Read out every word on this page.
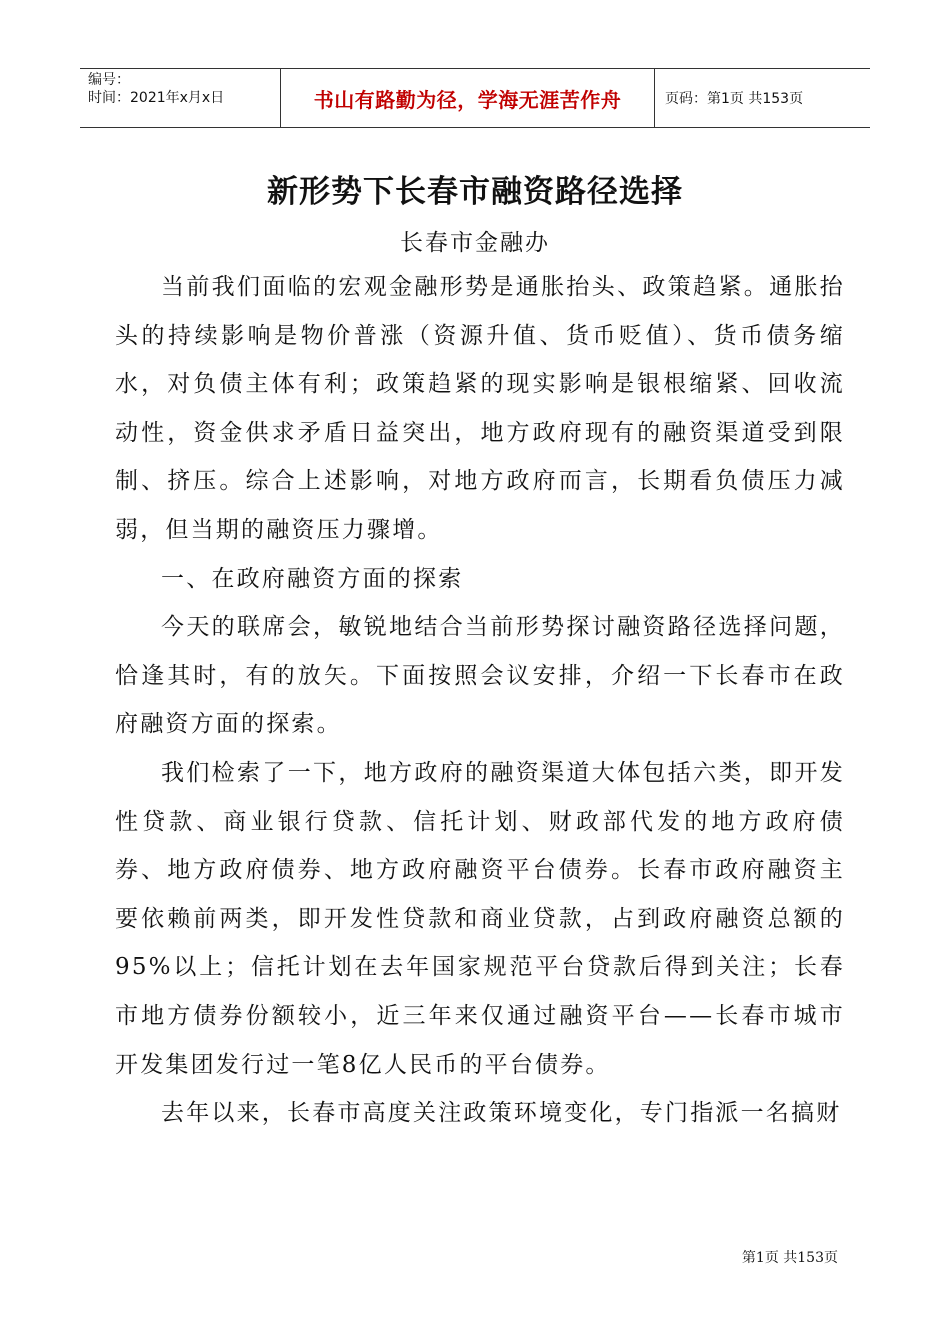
编号：
时间：2021年x月x日	书山有路勤为径，学海无涯苦作舟	页码：第1页 共153页
新形势下长春市融资路径选择
长春市金融办

当前我们面临的宏观金融形势是通胀抬头、政策趋紧。通胀抬头的持续影响是物价普涨（资源升值、货币贬值）、货币债务缩水，对负债主体有利；政策趋紧的现实影响是银根缩紧、回收流动性，资金供求矛盾日益突出，地方政府现有的融资渠道受到限制、挤压。综合上述影响，对地方政府而言，长期看负债压力减弱，但当期的融资压力骤增。

一、在政府融资方面的探索

今天的联席会，敏锐地结合当前形势探讨融资路径选择问题，恰逢其时，有的放矢。下面按照会议安排，介绍一下长春市在政府融资方面的探索。

我们检索了一下，地方政府的融资渠道大体包括六类，即开发性贷款、商业银行贷款、信托计划、财政部代发的地方政府债券、地方政府债券、地方政府融资平台债券。长春市政府融资主要依赖前两类，即开发性贷款和商业贷款，占到政府融资总额的95%以上；信托计划在去年国家规范平台贷款后得到关注；长春市地方债券份额较小，近三年来仅通过融资平台——长春市城市开发集团发行过一笔8亿人民币的平台债券。

去年以来，长春市高度关注政策环境变化，专门指派一名搞财

第1页 共153页
